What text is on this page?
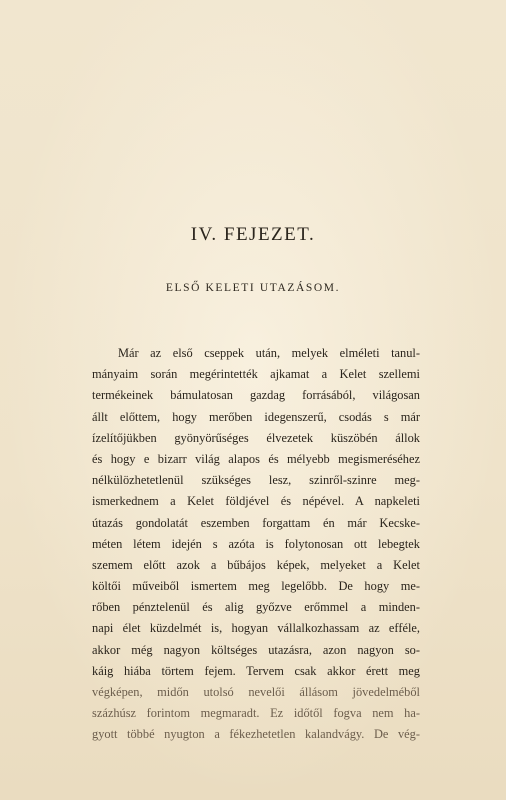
IV. FEJEZET.
ELSŐ KELETI UTAZÁSOM.
Már az első cseppek után, melyek elméleti tanul-
mányaim során megérintették ajkamat a Kelet szellemi
termékeinek bámulatosan gazdag forrásából, világosan
állt előttem, hogy merőben idegenszerű, csodás s már
ízelítőjükben gyönyörűséges élvezetek küszöbén állok
és hogy e bizarr világ alapos és mélyebb megismeréséhez
nélkülözhetetlenül szükséges lesz, szinről-szinre meg-
ismerkednem a Kelet földjével és népével. A napkeleti
útazás gondolatát eszemben forgattam én már Kecske-
méten létem idején s azóta is folytonosan ott lebegtek
szemem előtt azok a bűbájos képek, melyeket a Kelet
költői műveiből ismertem meg legelőbb. De hogy me-
rőben pénztelenül és alig győzve erőmmel a minden-
napi élet küzdelmét is, hogyan vállalkozhassam az efféle,
akkor még nagyon költséges utazásra, azon nagyon so-
káig hiába törtem fejem. Tervem csak akkor érett meg
végképen, midőn utolsó nevelői állásom jövedelméből
százhúsz forintom megmaradt. Ez időtől fogva nem ha-
gyott többé nyugton a fékezhetetlen kalandvágy. De vég-
